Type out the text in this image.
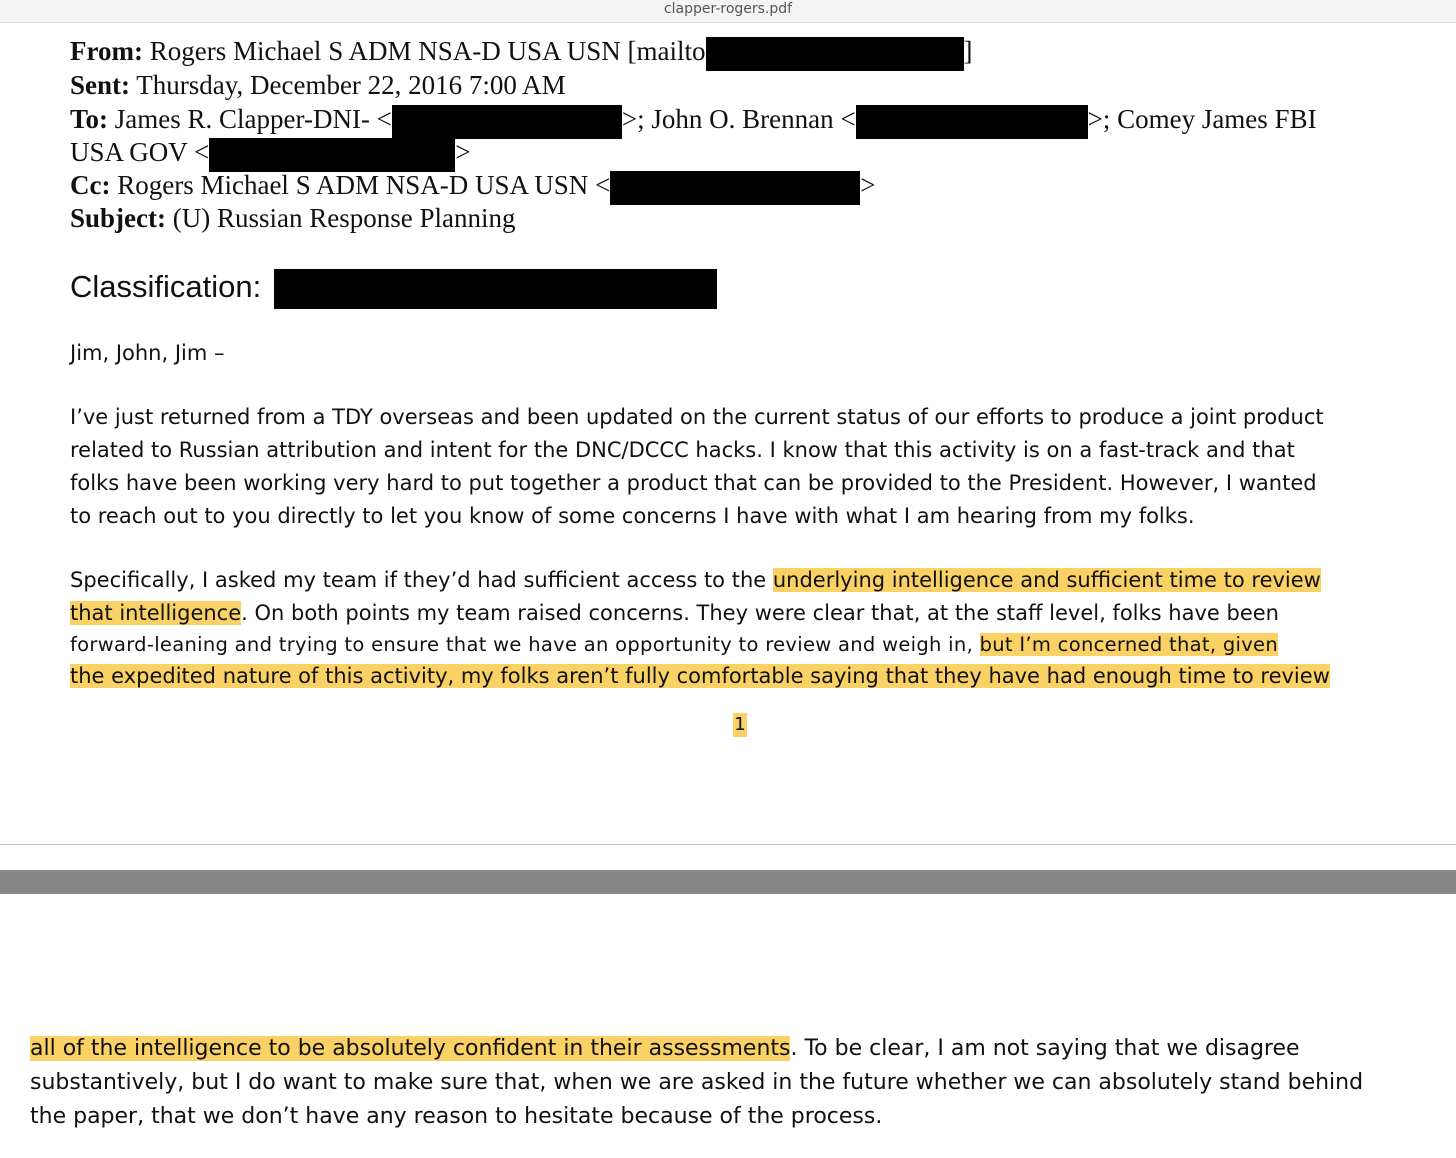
clapper-rogers.pdf
From: Rogers Michael S ADM NSA-D USA USN [mailto	]
Sent: Thursday, December 22, 2016 7:00 AM
To: James R. Clapper-DNI- <	>; John O. Brennan <	>; Comey James FBI
USA GOV <	>
Cc: Rogers Michael S ADM NSA-D USA USN <	>
Subject: (U) Russian Response Planning
Classification:
Jim, John, Jim –
I’ve just returned from a TDY overseas and been updated on the current status of our efforts to produce a joint product
related to Russian attribution and intent for the DNC/DCCC hacks. I know that this activity is on a fast-track and that
folks have been working very hard to put together a product that can be provided to the President. However, I wanted
to reach out to you directly to let you know of some concerns I have with what I am hearing from my folks.
Specifically, I asked my team if they’d had sufficient access to the underlying intelligence and sufficient time to review
that intelligence. On both points my team raised concerns. They were clear that, at the staff level, folks have been
forward-leaning and trying to ensure that we have an opportunity to review and weigh in, but I’m concerned that, given
the expedited nature of this activity, my folks aren’t fully comfortable saying that they have had enough time to review
1
all of the intelligence to be absolutely confident in their assessments. To be clear, I am not saying that we disagree
substantively, but I do want to make sure that, when we are asked in the future whether we can absolutely stand behind
the paper, that we don’t have any reason to hesitate because of the process.
